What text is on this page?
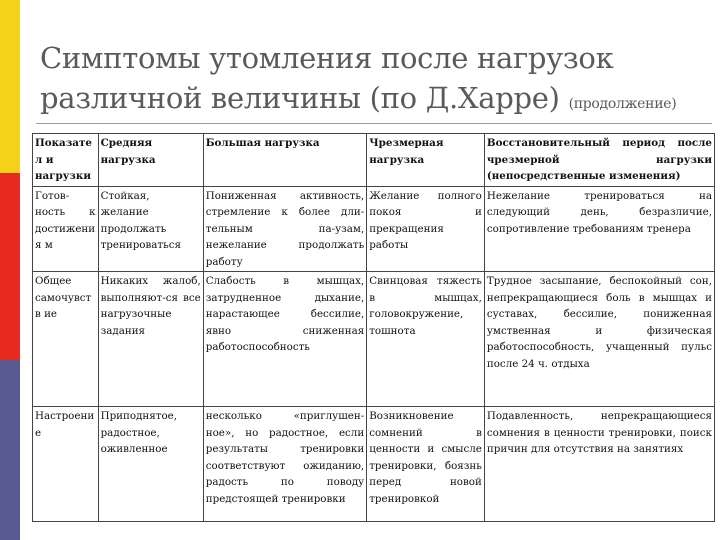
Симптомы утомления после нагрузок
различной величины (по Д.Харре) (продолжение)
Показател и нагрузки	Средняя нагрузка	Большая нагрузка	Чрезмерная нагрузка	Восстановительный период после чрезмерной нагрузки (непосредственные изменения)
Готов-ность к достижения м	Стойкая, желание продолжать тренироваться	Пониженная активность, стремление к более дли-тельным па-узам, нежелание продолжать работу	Желание полного покоя и прекращения работы	Нежелание тренироваться на следующий день, безразличие, сопротивление требованиям тренера
Общее самочувств ие	Никаких жалоб, выполняют-ся все нагрузочные задания	Слабость в мышцах, затрудненное дыхание, нарастающее бессилие, явно сниженная работоспособность	Свинцовая тяжесть в мышцах, головокружение, тошнота	Трудное засыпание, беспокойный сон, непрекращающиеся боль в мышцах и суставах, бессилие, пониженная умственная и физическая работоспособность, учащенный пульс после 24 ч. отдыха
Настроение	Приподнятое, радостное, оживленное	несколько «приглушен-ное», но радостное, если результаты тренировки соответствуют ожиданию, радость по поводу предстоящей тренировки	Возникновение сомнений в ценности и смысле тренировки, боязнь перед новой тренировкой	Подавленность, непрекращающиеся сомнения в ценности тренировки, поиск причин для отсутствия на занятиях
